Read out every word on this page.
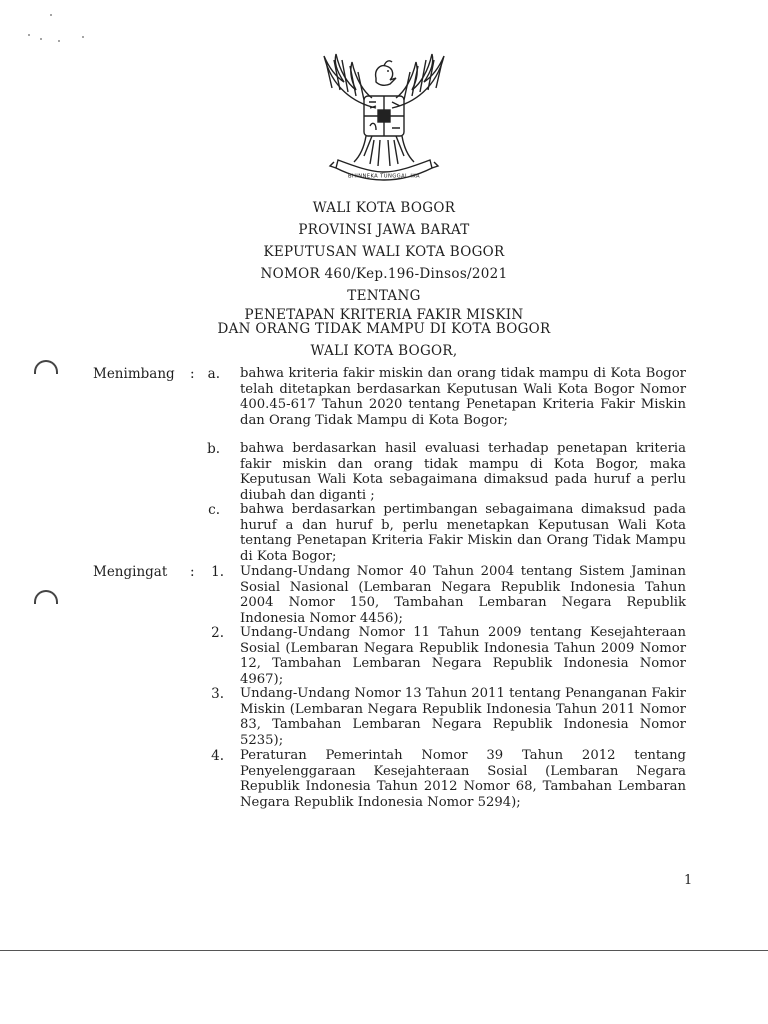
BHINNEKA TUNGGAL IKA
WALI KOTA BOGOR
PROVINSI JAWA BARAT
KEPUTUSAN WALI KOTA BOGOR
NOMOR 460/Kep.196-Dinsos/2021
TENTANG
PENETAPAN KRITERIA FAKIR MISKIN
DAN ORANG TIDAK MAMPU DI KOTA BOGOR
WALI KOTA BOGOR,
Menimbang : a. bahwa kriteria fakir miskin dan orang tidak mampu di Kota Bogor telah ditetapkan berdasarkan Keputusan Wali Kota Bogor Nomor 400.45-617 Tahun 2020 tentang Penetapan Kriteria Fakir Miskin dan Orang Tidak Mampu di Kota Bogor;
b. bahwa berdasarkan hasil evaluasi terhadap penetapan kriteria fakir miskin dan orang tidak mampu di Kota Bogor, maka Keputusan Wali Kota sebagaimana dimaksud pada huruf a perlu diubah dan diganti ;
c. bahwa berdasarkan pertimbangan sebagaimana dimaksud pada huruf a dan huruf b, perlu menetapkan Keputusan Wali Kota tentang Penetapan Kriteria Fakir Miskin dan Orang Tidak Mampu di Kota Bogor;
Mengingat :	1. Undang-Undang Nomor 40 Tahun 2004 tentang Sistem Jaminan Sosial Nasional (Lembaran Negara Republik Indonesia Tahun 2004 Nomor 150, Tambahan Lembaran Negara Republik Indonesia Nomor 4456);
2. Undang-Undang Nomor 11 Tahun 2009 tentang Kesejahteraan Sosial (Lembaran Negara Republik Indonesia Tahun 2009 Nomor 12, Tambahan Lembaran Negara Republik Indonesia Nomor 4967);
3. Undang-Undang Nomor 13 Tahun 2011 tentang Penanganan Fakir Miskin (Lembaran Negara Republik Indonesia Tahun 2011 Nomor 83, Tambahan Lembaran Negara Republik Indonesia Nomor 5235);
4. Peraturan Pemerintah Nomor 39 Tahun 2012 tentang Penyelenggaraan Kesejahteraan Sosial (Lembaran Negara Republik Indonesia Tahun 2012 Nomor 68, Tambahan Lembaran Negara Republik Indonesia Nomor 5294);
1
